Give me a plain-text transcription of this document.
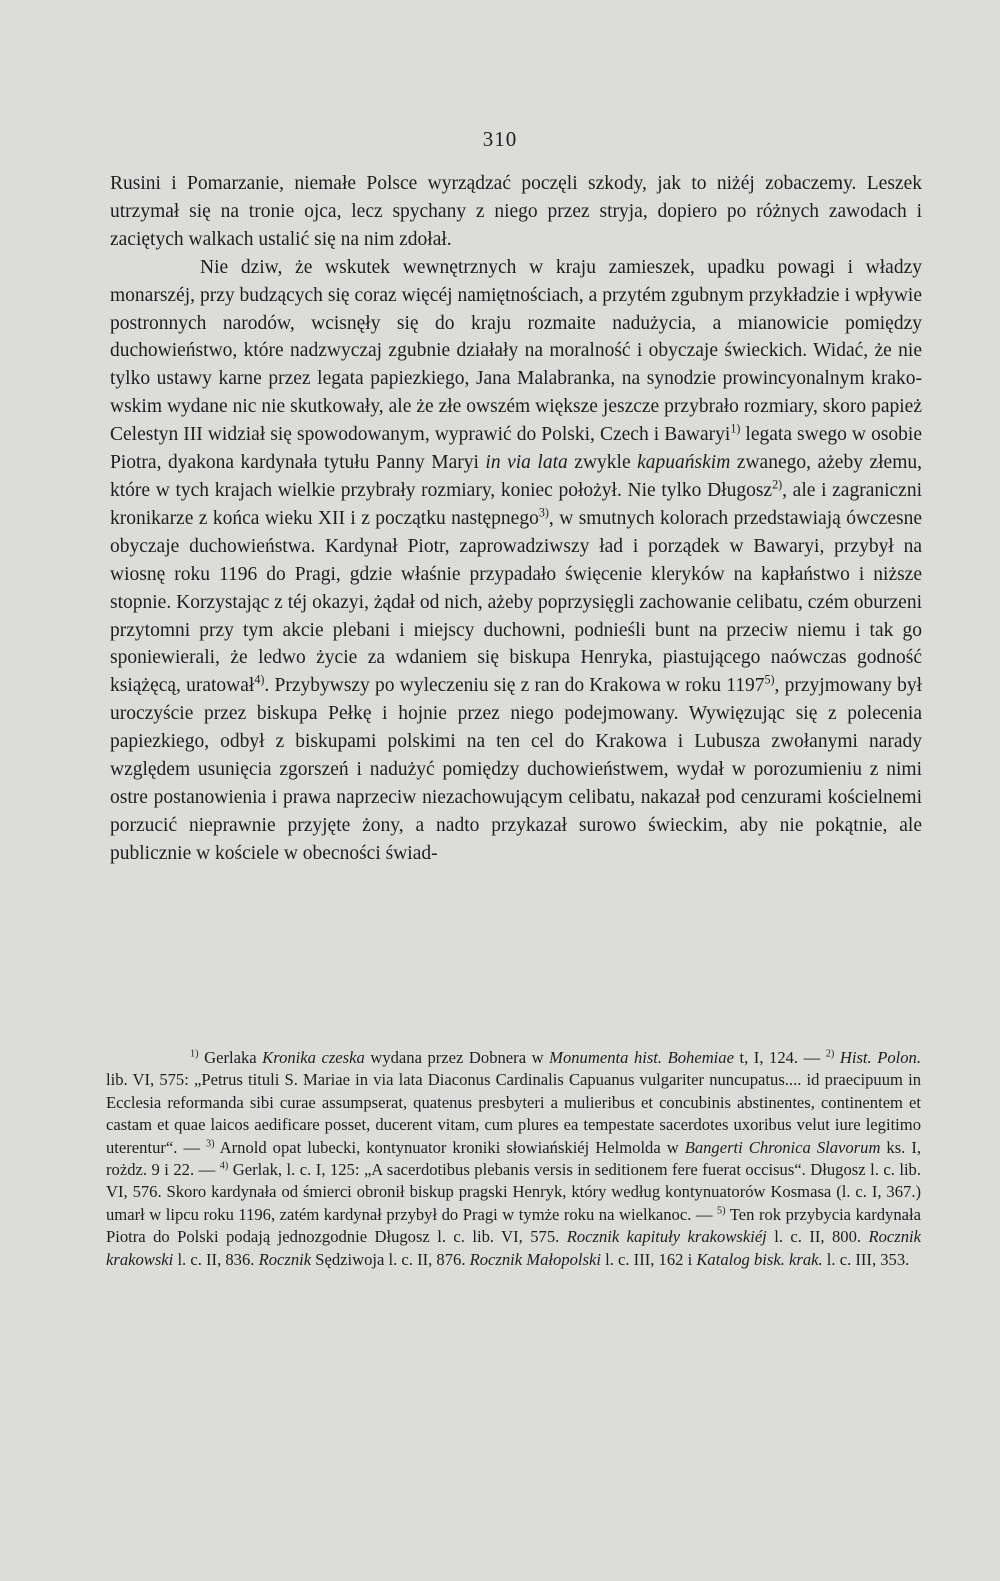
310

Rusini i Pomarzanie, niemałe Polsce wyrządzać poczęli szkody, jak to niżéj zobaczemy. Leszek utrzymał się na tronie ojca, lecz spychany z niego przez stryja, dopiero po różnych zawodach i zaciętych walkach ustalić się na nim zdołał.

Nie dziw, że wskutek wewnętrznych w kraju zamieszek, upadku powagi i władzy monarszéj, przy budzących się coraz więcéj namiętnościach, a przytém zgubnym przykładzie i wpływie postronnych narodów, wcisnęły się do kraju rozmaite nadużycia, a mianowicie pomiędzy duchowieństwo, które nadzwyczaj zgubnie działały na moralność i obyczaje świeckich. Widać, że nie tylko ustawy karne przez legata papiezkiego, Jana Malabranka, na synodzie prowincyonalnym krakowskim wydane nic nie skutkowały, ale że złe owszém większe jeszcze przybrało rozmiary, skoro papież Celestyn III widział się spowodowanym, wyprawić do Polski, Czech i Bawaryi$^{1)}$ legata swego w osobie Piotra, dyakona kardynała tytułu Panny Maryi in via lata zwykle kapuańskim zwanego, ażeby złemu, które w tych krajach wielkie przybrały rozmiary, koniec położył. Nie tylko Długosz$^{2)}$, ale i zagraniczni kronikarze z końca wieku XII i z początku następnego$^{3)}$, w smutnych kolorach przedstawiają ówczesne obyczaje duchowieństwa. Kardynał Piotr, zaprowadziwszy ład i porządek w Bawaryi, przybył na wiosnę roku 1196 do Pragi, gdzie właśnie przypadało święcenie kleryków na kapłaństwo i niższe stopnie. Korzystając z téj okazyi, żądał od nich, ażeby poprzysięgli zachowanie celibatu, czém oburzeni przytomni przy tym akcie plebani i miejscy duchowni, podnieśli bunt na przeciw niemu i tak go sponiewierali, że ledwo życie za wdaniem się biskupa Henryka, piastującego naówczas godność książęcą, uratował$^{4)}$. Przybywszy po wyleczeniu się z ran do Krakowa w roku 1197$^{5)}$, przyjmowany był uroczyście przez biskupa Pełkę i hojnie przez niego podejmowany. Wywięzując się z polecenia papiezkiego, odbył z biskupami polskimi na ten cel do Krakowa i Lubusza zwołanymi narady względem usunięcia zgorszeń i nadużyć pomiędzy duchowieństwem, wydał w porozumieniu z nimi ostre postanowienia i prawa naprzeciw niezachowującym celibatu, nakazał pod cenzurami kościelnemi porzucić nieprawnie przyjęte żony, a nadto przykazał surowo świeckim, aby nie pokątnie, ale publicznie w kościele w obecności świad-

$^{1)}$ Gerlaka Kronika czeska wydana przez Dobnera w Monumenta hist. Bohemiae t, I, 124. — $^{2)}$ Hist. Polon. lib. VI, 575: „Petrus tituli S. Mariae in via lata Diaconus Cardinalis Capuanus vulgariter nuncupatus.... id praecipuum in Ecclesia reformanda sibi curae assumpserat, quatenus presbyteri a mulieribus et concubinis abstinentes, continentem et castam et quae laicos aedificare posset, ducerent vitam, cum plures ea tempestate sacerdotes uxoribus velut iure legitimo uterentur“. — $^{3)}$ Arnold opat lubecki, kontynuator kroniki słowiańskiéj Helmolda w Bangerti Chronica Slavorum ks. I, rożdz. 9 i 22. — $^{4)}$ Gerlak, l. c. I, 125: „A sacerdotibus plebanis versis in seditionem fere fuerat occisus“. Długosz l. c. lib. VI, 576. Skoro kardynała od śmierci obronił biskup pragski Henryk, który według kontynuatorów Kosmasa (l. c. I, 367.) umarł w lipcu roku 1196, zatém kardynał przybył do Pragi w tymże roku na wielkanoc. — $^{5)}$ Ten rok przybycia kardynała Piotra do Polski podają jednozgodnie Długosz l. c. lib. VI, 575. Rocznik kapituły krakowskiéj l. c. II, 800. Rocznik krakowski l. c. II, 836. Rocznik Sędziwoja l. c. II, 876. Rocznik Małopolski l. c. III, 162 i Katalog bisk. krak. l. c. III, 353.
